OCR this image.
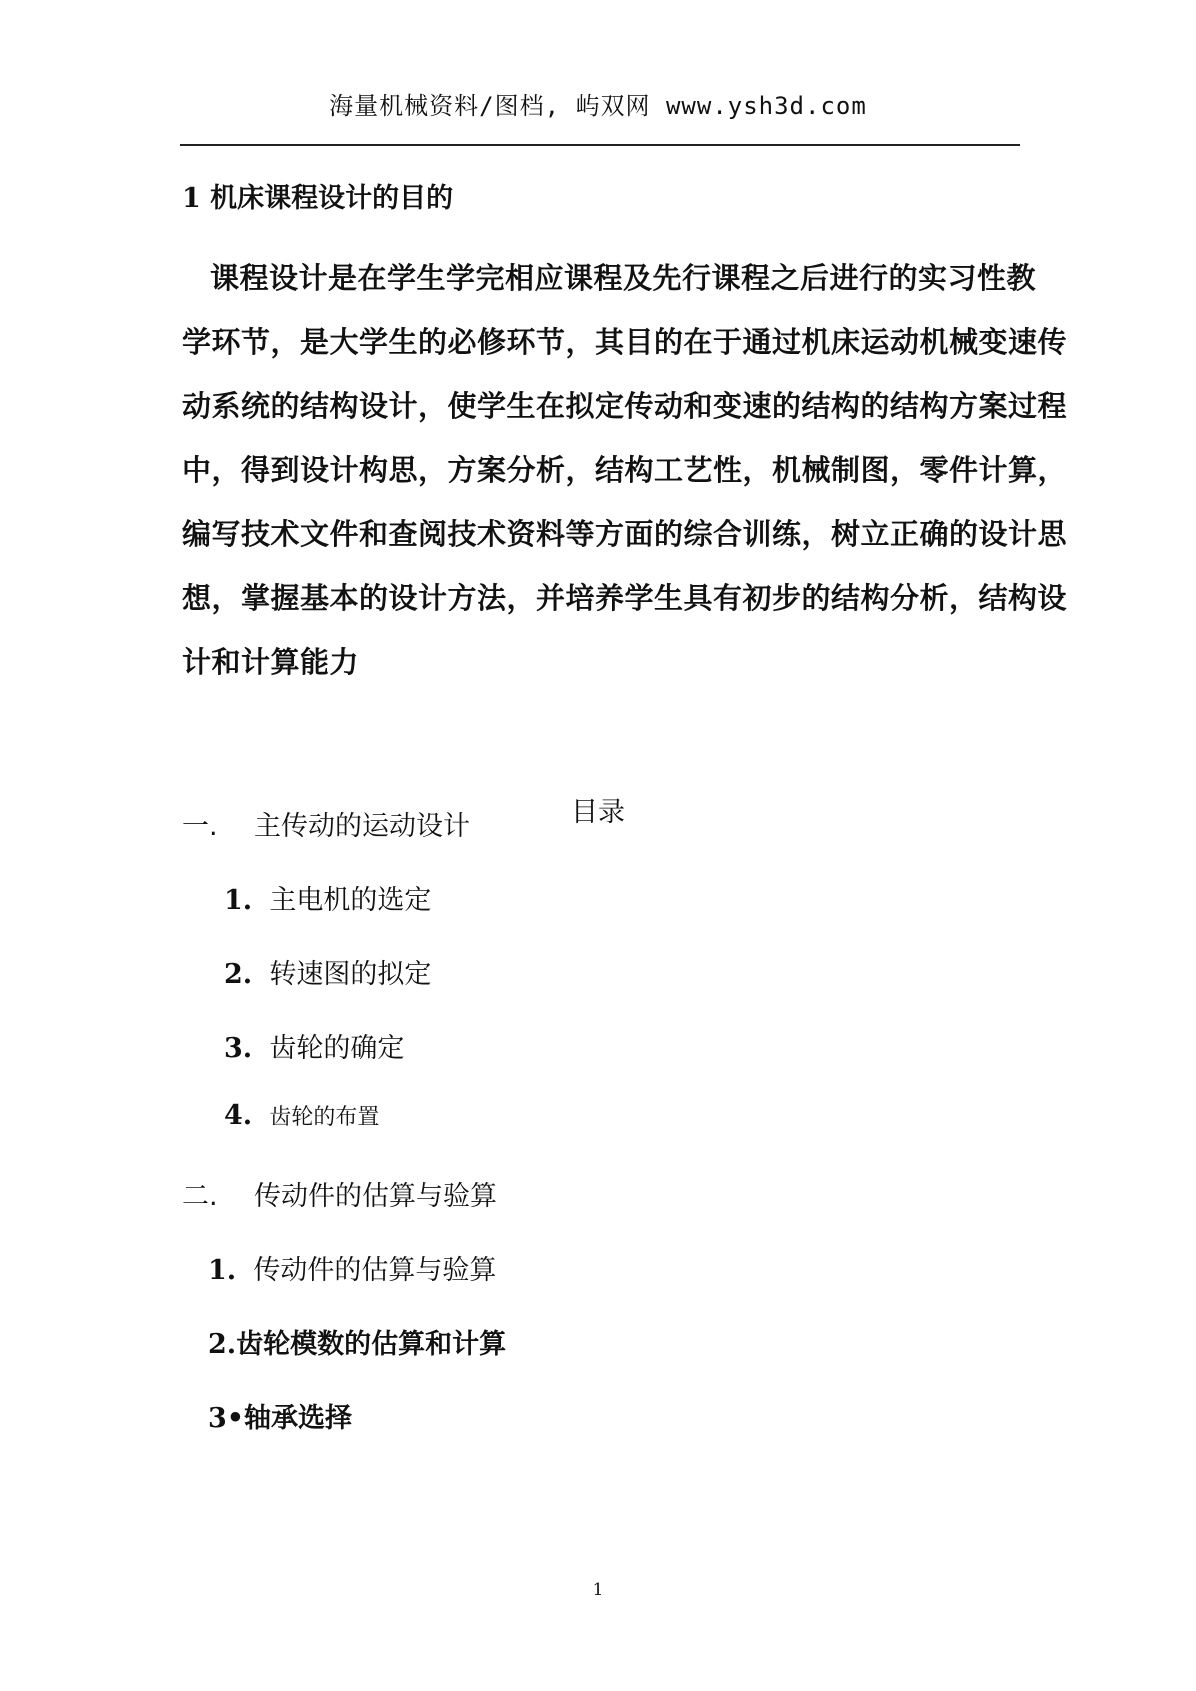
海量机械资料/图档, 屿双网 www.ysh3d.com
1 机床课程设计的目的
课程设计是在学生学完相应课程及先行课程之后进行的实习性教
学环节，是大学生的必修环节，其目的在于通过机床运动机械变速传
动系统的结构设计，使学生在拟定传动和变速的结构的结构方案过程
中，得到设计构思，方案分析，结构工艺性，机械制图，零件计算，
编写技术文件和查阅技术资料等方面的综合训练，树立正确的设计思
想，掌握基本的设计方法，并培养学生具有初步的结构分析，结构设
计和计算能力
目录
一. 主传动的运动设计
1. 主电机的选定
2. 转速图的拟定
3. 齿轮的确定
4. 齿轮的布置
二. 传动件的估算与验算
1. 传动件的估算与验算
2.齿轮模数的估算和计算
3•轴承选择
1
